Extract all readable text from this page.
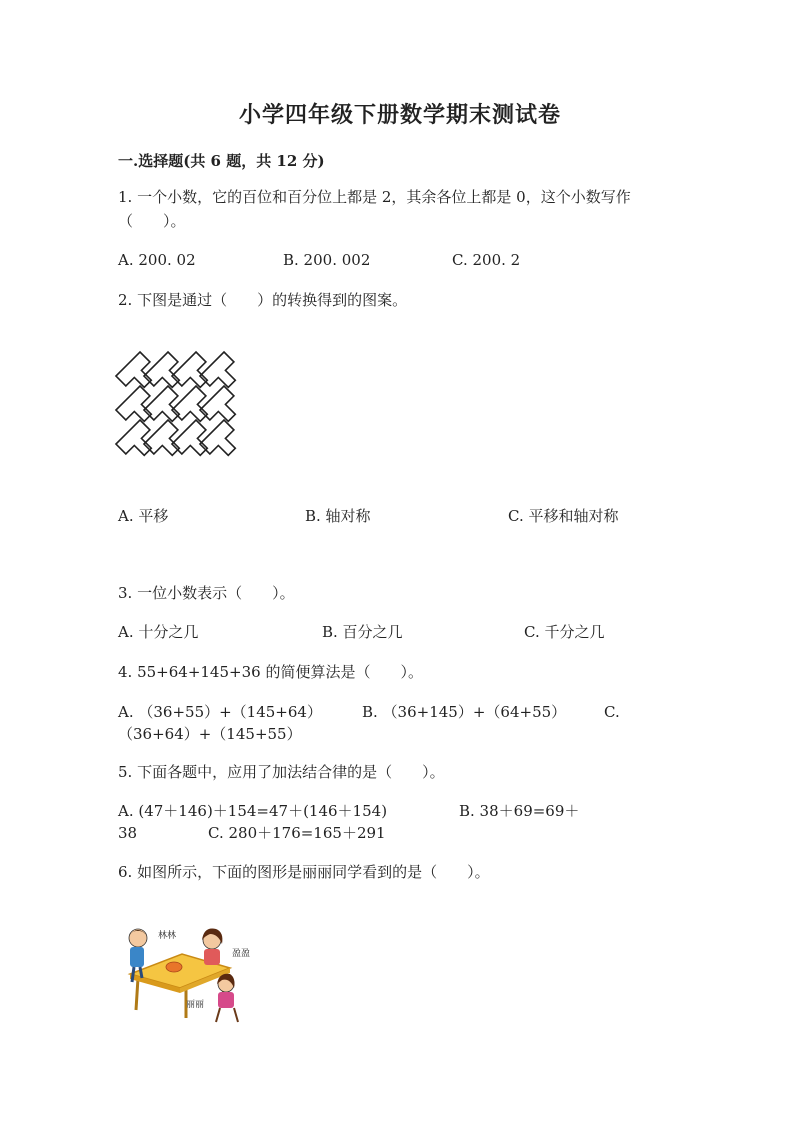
小学四年级下册数学期末测试卷
一.选择题(共 6 题，共 12 分)
1. 一个小数，它的百位和百分位上都是 2，其余各位上都是 0，这个小数写作
（　　）。
A. 200. 02	B. 200. 002	C. 200. 2
2. 下图是通过（　　）的转换得到的图案。
A. 平移	B. 轴对称	C. 平移和轴对称
3. 一位小数表示（　　）。
A. 十分之几	B. 百分之几	C. 千分之几
4. 55+64+145+36 的简便算法是（　　）。
A. （36+55）+（145+64）	B. （36+145）+（64+55）	C.
（36+64）+（145+55）
5. 下面各题中，应用了加法结合律的是（　　）。
A. (47＋146)＋154=47＋(146＋154)	B. 38＋69=69＋
38	C. 280＋176=165＋291
6. 如图所示，下面的图形是丽丽同学看到的是（　　）。
林林
盈盈
丽丽
